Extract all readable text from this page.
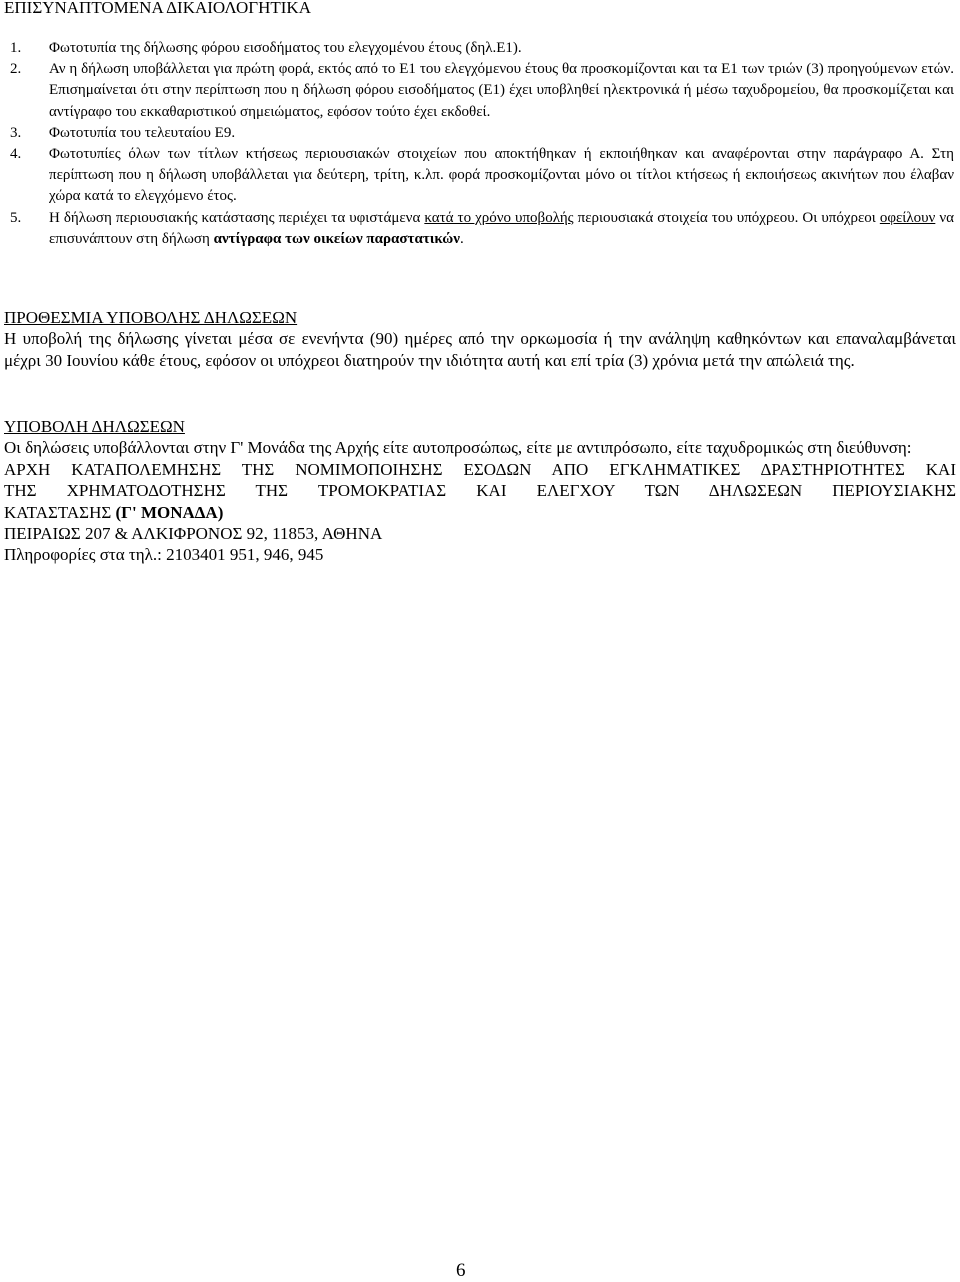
ΕΠΙΣΥΝΑΠΤΟΜΕΝΑ ΔΙΚΑΙΟΛΟΓΗΤΙΚΑ
1. Φωτοτυπία της δήλωσης φόρου εισοδήματος του ελεγχομένου έτους (δηλ.Ε1).
2. Αν η δήλωση υποβάλλεται για πρώτη φορά, εκτός από το Ε1 του ελεγχόμενου έτους θα προσκομίζονται και τα Ε1 των τριών (3) προηγούμενων ετών. Επισημαίνεται ότι στην περίπτωση που η δήλωση φόρου εισοδήματος (Ε1) έχει υποβληθεί ηλεκτρονικά ή μέσω ταχυδρομείου, θα προσκομίζεται και αντίγραφο του εκκαθαριστικού σημειώματος, εφόσον τούτο έχει εκδοθεί.
3. Φωτοτυπία του τελευταίου Ε9.
4. Φωτοτυπίες όλων των τίτλων κτήσεως περιουσιακών στοιχείων που αποκτήθηκαν ή εκποιήθηκαν και αναφέρονται στην παράγραφο Α. Στη περίπτωση που η δήλωση υποβάλλεται για δεύτερη, τρίτη, κ.λπ. φορά προσκομίζονται μόνο οι τίτλοι κτήσεως ή εκποιήσεως ακινήτων που έλαβαν χώρα κατά το ελεγχόμενο έτος.
5. Η δήλωση περιουσιακής κατάστασης περιέχει τα υφιστάμενα κατά το χρόνο υποβολής περιουσιακά στοιχεία του υπόχρεου. Οι υπόχρεοι οφείλουν να επισυνάπτουν στη δήλωση αντίγραφα των οικείων παραστατικών.
ΠΡΟΘΕΣΜΙΑ ΥΠΟΒΟΛΗΣ ΔΗΛΩΣΕΩΝ

Η υποβολή της δήλωσης γίνεται μέσα σε ενενήντα (90) ημέρες από την ορκωμοσία ή την ανάληψη καθηκόντων και επαναλαμβάνεται μέχρι 30 Ιουνίου κάθε έτους, εφόσον οι υπόχρεοι διατηρούν την ιδιότητα αυτή και επί τρία (3) χρόνια μετά την απώλειά της.

ΥΠΟΒΟΛΗ ΔΗΛΩΣΕΩΝ

Οι δηλώσεις υποβάλλονται στην Γ' Μονάδα της Αρχής είτε αυτοπροσώπως, είτε με αντιπρόσωπο, είτε ταχυδρομικώς στη διεύθυνση:

ΑΡΧΗ ΚΑΤΑΠΟΛΕΜΗΣΗΣ ΤΗΣ ΝΟΜΙΜΟΠΟΙΗΣΗΣ ΕΣΟΔΩΝ ΑΠΟ ΕΓΚΛΗΜΑΤΙΚΕΣ ΔΡΑΣΤΗΡΙΟΤΗΤΕΣ ΚΑΙ

ΤΗΣ ΧΡΗΜΑΤΟΔΟΤΗΣΗΣ ΤΗΣ ΤΡΟΜΟΚΡΑΤΙΑΣ ΚΑΙ ΕΛΕΓΧΟΥ ΤΩΝ ΔΗΛΩΣΕΩΝ ΠΕΡΙΟΥΣΙΑΚΗΣ

ΚΑΤΑΣΤΑΣΗΣ (Γ' ΜΟΝΑΔΑ)

ΠΕΙΡΑΙΩΣ 207 & ΑΛΚΙΦΡΟΝΟΣ 92, 11853, ΑΘΗΝΑ

Πληροφορίες στα τηλ.: 2103401 951, 946, 945

6
